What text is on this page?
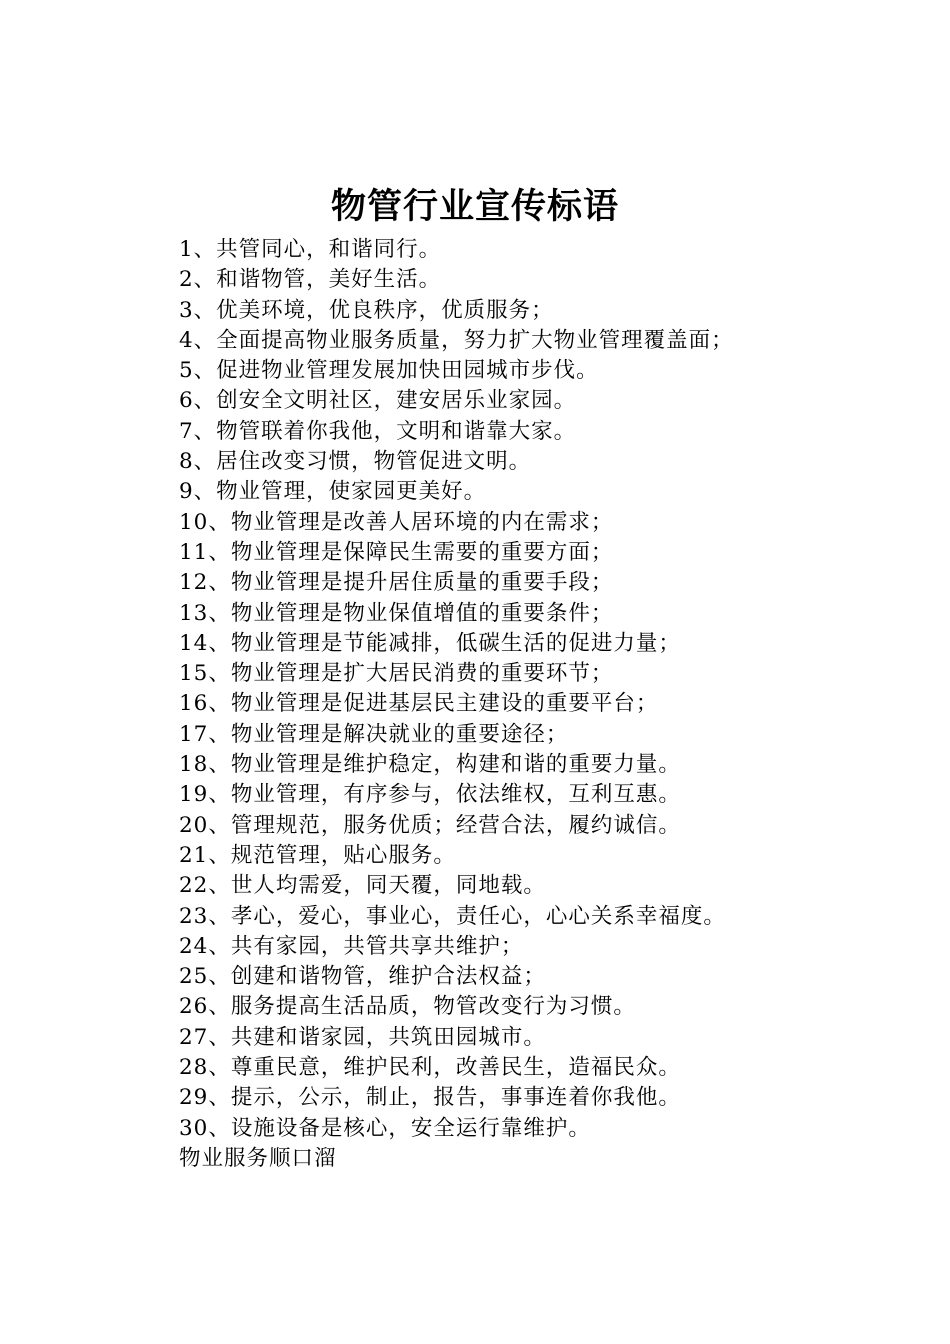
物管行业宣传标语
1、共管同心，和谐同行。
2、和谐物管，美好生活。
3、优美环境，优良秩序，优质服务；
4、全面提高物业服务质量，努力扩大物业管理覆盖面；
5、促进物业管理发展加快田园城市步伐。
6、创安全文明社区，建安居乐业家园。
7、物管联着你我他，文明和谐靠大家。
8、居住改变习惯，物管促进文明。
9、物业管理，使家园更美好。
10、物业管理是改善人居环境的内在需求；
11、物业管理是保障民生需要的重要方面；
12、物业管理是提升居住质量的重要手段；
13、物业管理是物业保值增值的重要条件；
14、物业管理是节能减排，低碳生活的促进力量；
15、物业管理是扩大居民消费的重要环节；
16、物业管理是促进基层民主建设的重要平台；
17、物业管理是解决就业的重要途径；
18、物业管理是维护稳定，构建和谐的重要力量。
19、物业管理，有序参与，依法维权，互利互惠。
20、管理规范，服务优质；经营合法，履约诚信。
21、规范管理，贴心服务。
22、世人均需爱，同天覆，同地载。
23、孝心，爱心，事业心，责任心，心心关系幸福度。
24、共有家园，共管共享共维护；
25、创建和谐物管，维护合法权益；
26、服务提高生活品质，物管改变行为习惯。
27、共建和谐家园，共筑田园城市。
28、尊重民意，维护民利，改善民生，造福民众。
29、提示，公示，制止，报告，事事连着你我他。
30、设施设备是核心，安全运行靠维护。
物业服务顺口溜
